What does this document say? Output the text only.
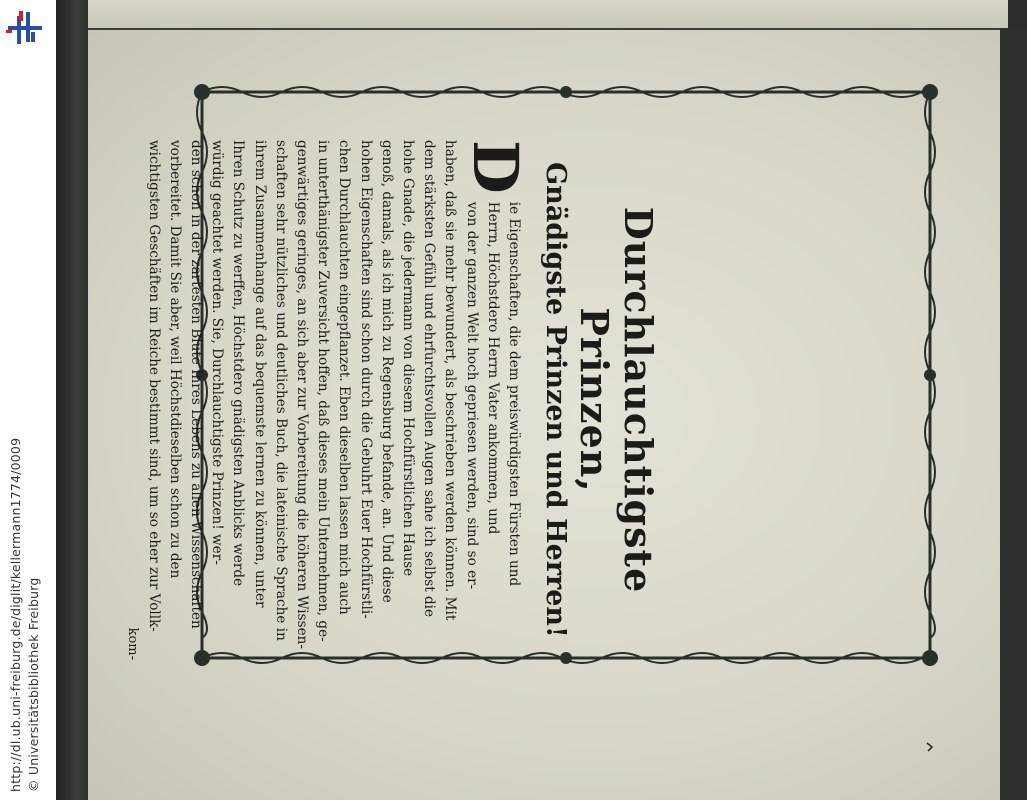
http://dl.ub.uni-freiburg.de/diglit/kellermann1774/0009 © Universitätsbibliothek Freiburg

Durchlauchtigste Prinzen,

Gnädigste Prinzen und Herren!

D
ie Eigenschaften, die dem preiswürdigsten Fürsten und
Herrn, Höchstdero Herrn Vater ankommen, und
von der ganzen Welt hoch gepriesen werden, sind so er-
haben, daß sie mehr bewundert, als beschrieben werden können. Mit
dem stärksten Gefühl und ehrfurchtsvollen Augen sahe ich selbst die
hohe Gnade, die jedermann von diesem Hochfürstlichen Hause
genoß, damals, als ich mich zu Regensburg befande, an. Und diese
hohen Eigenschaften sind schon durch die Gebuhrt Euer Hochfürstli-
chen Durchlauchten eingepflanzet. Eben dieselben lassen mich auch
in unterthänigster Zuversicht hoffen, daß dieses mein Unternehmen, ge-
genwärtiges geringes, an sich aber zur Vorbereitung die höheren Wissen-
schaften sehr nützliches und deutliches Buch, die lateinische Sprache in
ihrem Zusammenhange auf das bequemste lernen zu können, unter
Ihren Schutz zu werffen, Höchstdero gnädigsten Anblicks werde
würdig geachtet werden. Sie, Durchlauchtigste Prinzen! wer-
den schon in der zartesten Blüte Ihres Lebens zu allen Wissenschaften
vorbereitet. Damit Sie aber, weil Höchstdieselben schon zu den
wichtigsten Geschäften im Reiche bestimmt sind, um so eher zur Vollk-
kom-
